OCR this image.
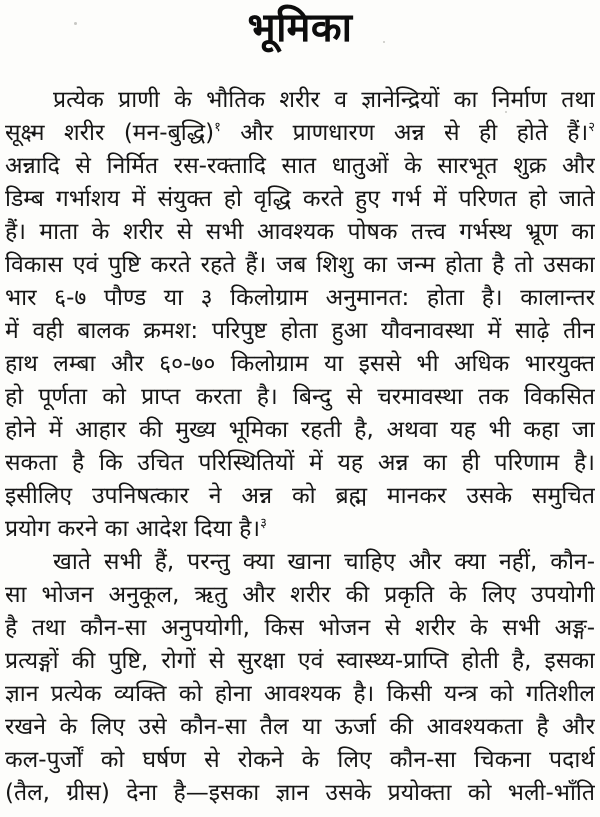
भूमिका
प्रत्येक प्राणी के भौतिक शरीर व ज्ञानेन्द्रियों का निर्माण तथा
सूक्ष्म शरीर (मन-बुद्धि)$^१$ और प्राणधारण अन्न से ही होते हैं।$^२$
अन्नादि से निर्मित रस-रक्तादि सात धातुओं के सारभूत शुक्र और
डिम्ब गर्भाशय में संयुक्त हो वृद्धि करते हुए गर्भ में परिणत हो जाते
हैं। माता के शरीर से सभी आवश्यक पोषक तत्त्व गर्भस्थ भ्रूण का
विकास एवं पुष्टि करते रहते हैं। जब शिशु का जन्म होता है तो उसका
भार ६-७ पौण्ड या ३ किलोग्राम अनुमानत: होता है। कालान्तर
में वही बालक क्रमश: परिपुष्ट होता हुआ यौवनावस्था में साढ़े तीन
हाथ लम्बा और ६०-७० किलोग्राम या इससे भी अधिक भारयुक्त
हो पूर्णता को प्राप्त करता है। बिन्दु से चरमावस्था तक विकसित
होने में आहार की मुख्य भूमिका रहती है, अथवा यह भी कहा जा
सकता है कि उचित परिस्थितियों में यह अन्न का ही परिणाम है।
इसीलिए उपनिषत्कार ने अन्न को ब्रह्म मानकर उसके समुचित
प्रयोग करने का आदेश दिया है।$^३$
खाते सभी हैं, परन्तु क्या खाना चाहिए और क्या नहीं, कौन-
सा भोजन अनुकूल, ऋतु और शरीर की प्रकृति के लिए उपयोगी
है तथा कौन-सा अनुपयोगी, किस भोजन से शरीर के सभी अङ्ग-
प्रत्यङ्गों की पुष्टि, रोगों से सुरक्षा एवं स्वास्थ्य-प्राप्ति होती है, इसका
ज्ञान प्रत्येक व्यक्ति को होना आवश्यक है। किसी यन्त्र को गतिशील
रखने के लिए उसे कौन-सा तैल या ऊर्जा की आवश्यकता है और
कल-पुर्जों को घर्षण से रोकने के लिए कौन-सा चिकना पदार्थ
(तैल, ग्रीस) देना है—इसका ज्ञान उसके प्रयोक्ता को भली-भाँति
